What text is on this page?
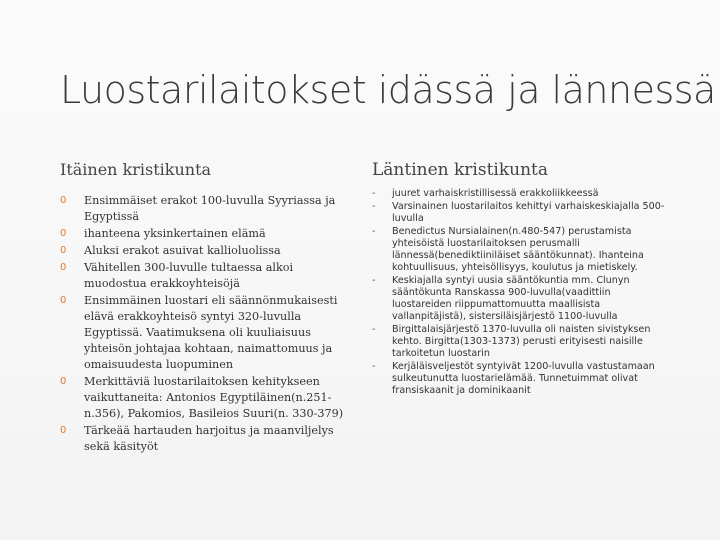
Luostarilaitokset idässä ja lännessä
Itäinen kristikunta
0 Ensimmäiset erakot 100-luvulla Syyriassa ja Egyptissä
0 ihanteena yksinkertainen elämä
0 Aluksi erakot asuivat kallioluolissa
0 Vähitellen 300-luvulle tultaessa alkoi muodostua erakkoyhteisöjä
0 Ensimmäinen luostari eli säännönmukaisesti elävä erakkoyhteisö syntyi 320-luvulla Egyptissä. Vaatimuksena oli kuuliaisuus yhteisön johtajaa kohtaan, naimattomuus ja omaisuudesta luopuminen
0 Merkittäviä luostarilaitoksen kehitykseen vaikuttaneita: Antonios Egyptiläinen(n.251-n.356), Pakomios, Basileios Suuri(n. 330-379)
0 Tärkeää hartauden harjoitus ja maanviljelys sekä käsityöt
Läntinen kristikunta
- juuret varhaiskristillisessä erakkoliikkeessä
- Varsinainen luostarilaitos kehittyi varhaiskeskiajalla 500-luvulla
- Benedictus Nursialainen(n.480-547) perustamista yhteisöistä luostarilaitoksen perusmalli lännessä(benediktiiniläiset sääntökunnat). Ihanteina kohtuullisuus, yhteisöllisyys, koulutus ja mietiskely.
- Keskiajalla syntyi uusia sääntökuntia mm. Clunyn sääntökunta Ranskassa 900-luvulla(vaadittiin luostareiden riippumattomuutta maallisista vallanpitäjistä), sistersiläisjärjestö 1100-luvulla
- Birgittalaisjärjestö 1370-luvulla oli naisten sivistyksen kehto. Birgitta(1303-1373) perusti erityisesti naisille tarkoitetun luostarin
- Kerjäläisveljestöt syntyivät 1200-luvulla vastustamaan sulkeutunutta luostarielämää. Tunnetuimmat olivat fransiskaanit ja dominikaanit
